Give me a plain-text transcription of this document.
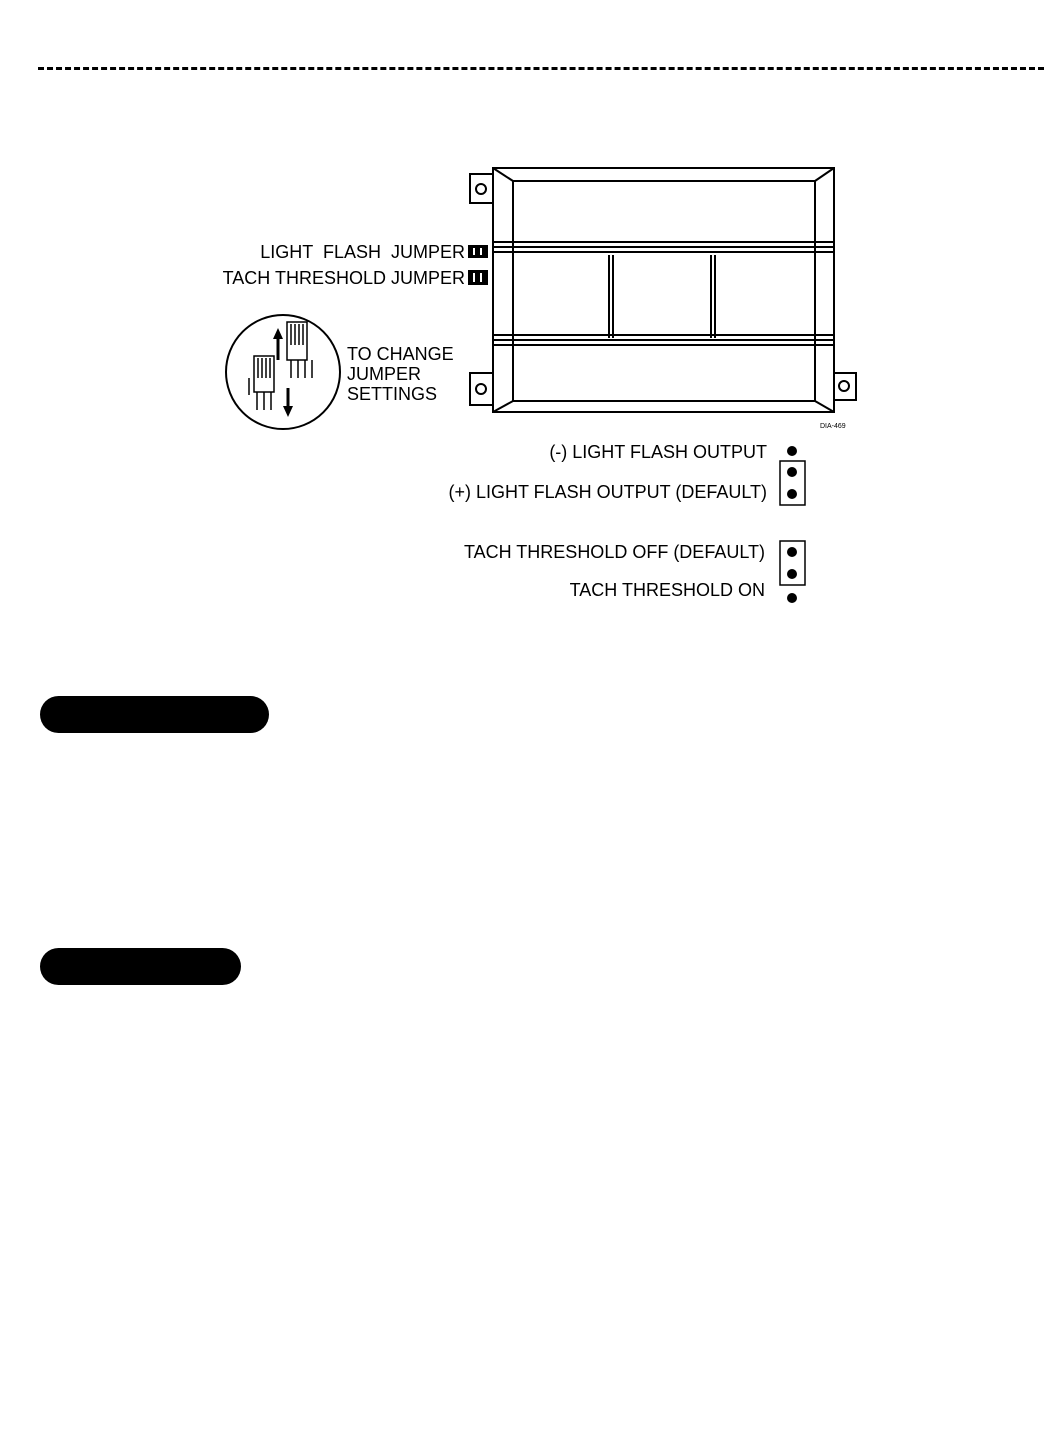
LIGHT  FLASH  JUMPER
TACH THRESHOLD JUMPER
TO CHANGE
JUMPER
SETTINGS
DIA-469
(-) LIGHT FLASH OUTPUT
(+) LIGHT FLASH OUTPUT (DEFAULT)
TACH THRESHOLD OFF (DEFAULT)
TACH THRESHOLD ON
